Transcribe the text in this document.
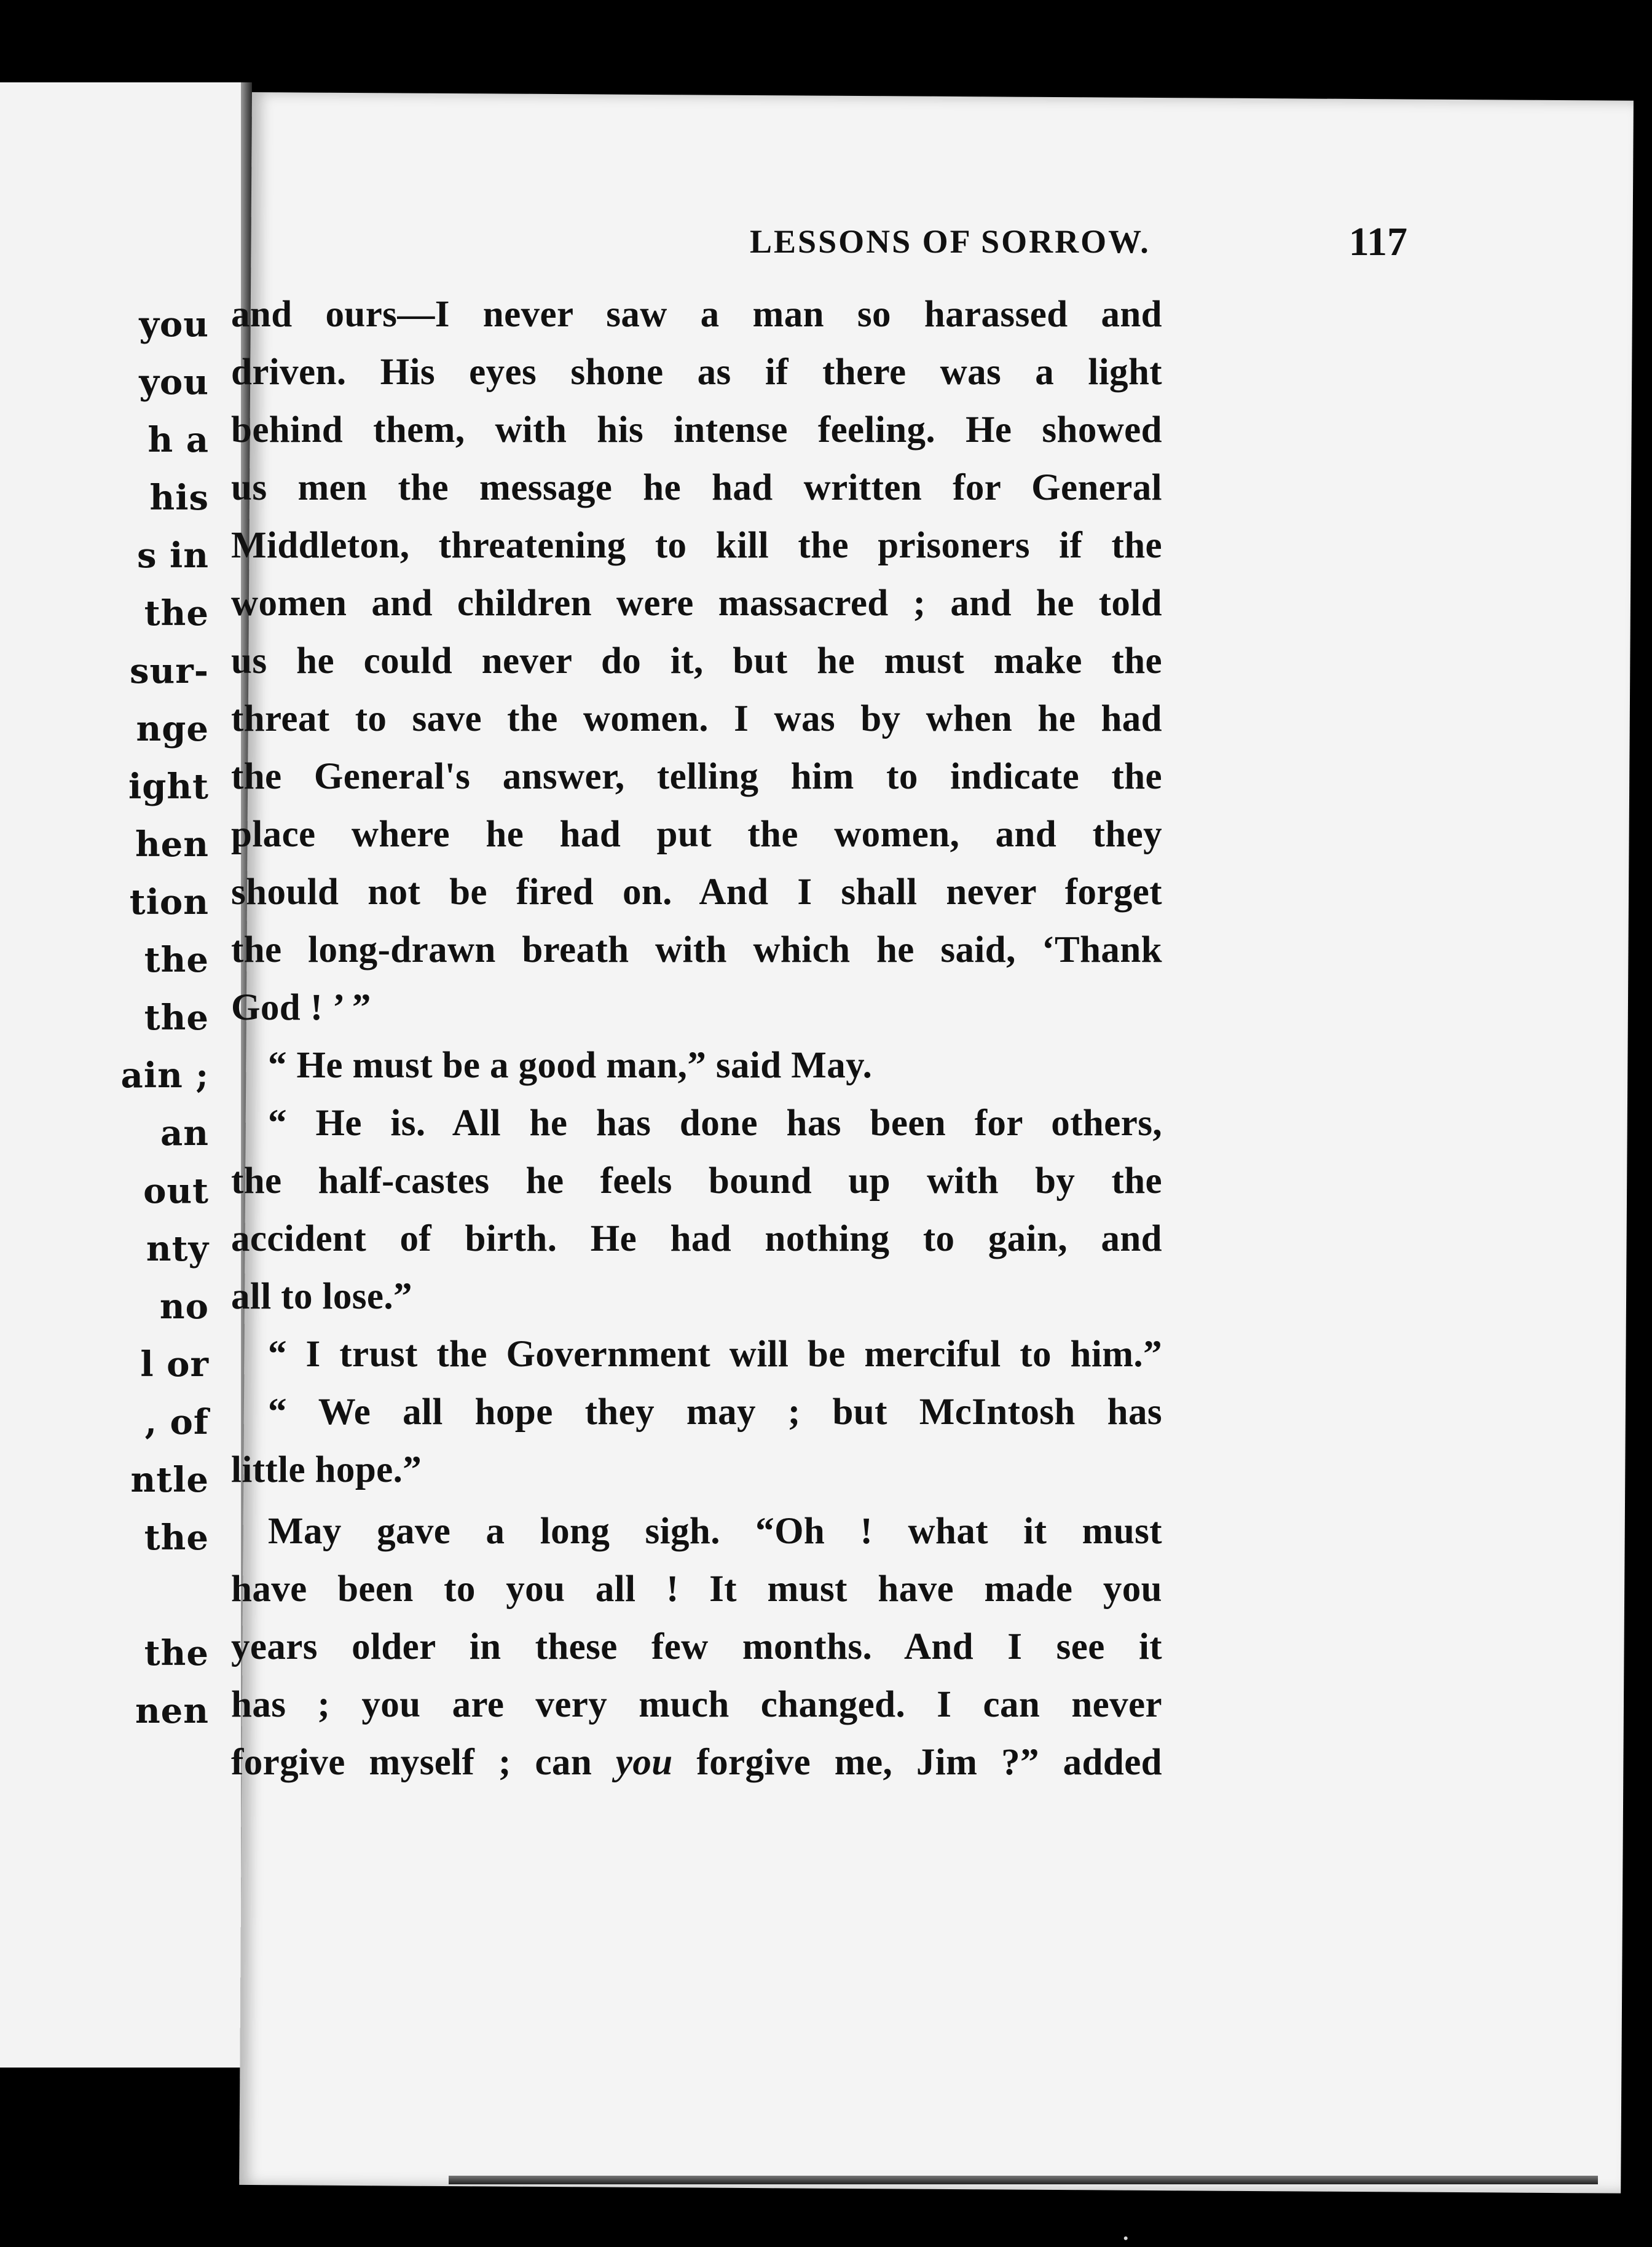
you
you
h a
his
s in
the
sur-
nge
ight
hen
tion
the
the
ain ;
an
out
nty
no
l or
, of
ntle
the
the
nen
LESSONS OF SORROW.	117
and ours—I never saw a man so harassed and
driven. His eyes shone as if there was a light
behind them, with his intense feeling. He showed
us men the message he had written for General
Middleton, threatening to kill the prisoners if the
women and children were massacred ; and he told
us he could never do it, but he must make the
threat to save the women. I was by when he had
the General's answer, telling him to indicate the
place where he had put the women, and they
should not be fired on. And I shall never forget
the long-drawn breath with which he said, ‘Thank
God ! ’ ”
“ He must be a good man,” said May.
“ He is. All he has done has been for others,
the half-castes he feels bound up with by the
accident of birth. He had nothing to gain, and
all to lose.”
“ I trust the Government will be merciful to him.”
“ We all hope they may ; but McIntosh has
little hope.”
May gave a long sigh. “Oh ! what it must
have been to you all ! It must have made you
years older in these few months. And I see it
has ; you are very much changed. I can never
forgive myself ; can you forgive me, Jim ?” added
